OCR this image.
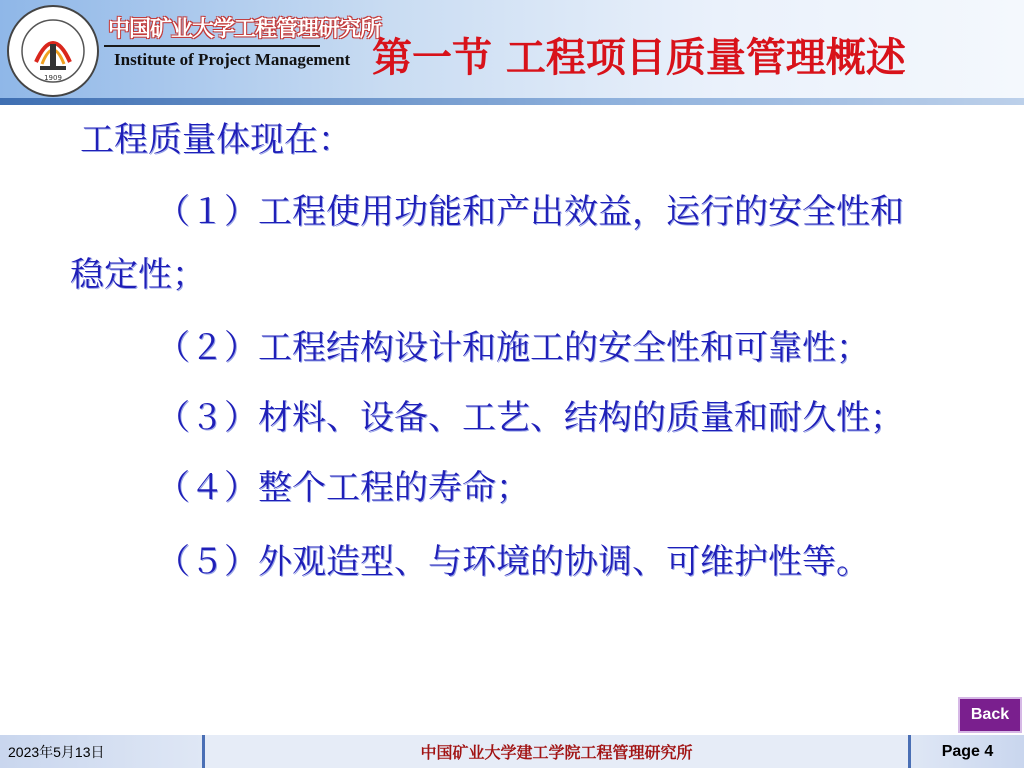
1909
中国矿业大学工程管理研究所
Institute of Project Management 第一节 工程项目质量管理概述
工程质量体现在：
（１）工程使用功能和产出效益，运行的安全性和
稳定性；
（２）工程结构设计和施工的安全性和可靠性；
（３）材料、设备、工艺、结构的质量和耐久性；
（４）整个工程的寿命；
（５）外观造型、与环境的协调、可维护性等。
Back
2023年5月13日	中国矿业大学建工学院工程管理研究所	Page 4
